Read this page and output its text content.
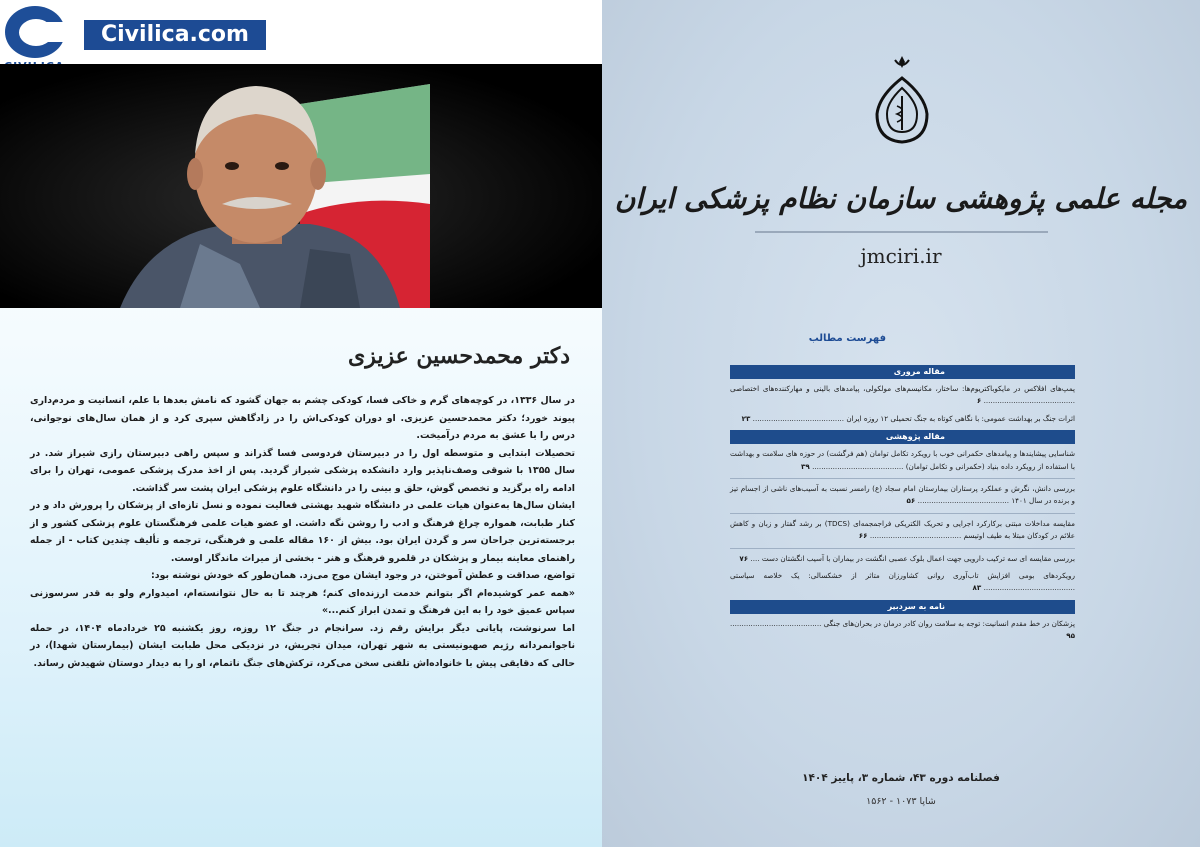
Civilica.com
دکتر محمدحسین عزیزی

در سال ۱۳۳۶، در کوچه‌های گرم و خاکی فسا، کودکی چشم به جهان گشود که نامش بعدها با علم، انسانیت و مردم‌داری پیوند خورد؛ دکتر محمدحسین عزیزی. او دوران کودکی‌اش را در زادگاهش سپری کرد و از همان سال‌های نوجوانی، درس را با عشق به مردم درآمیخت.

تحصیلات ابتدایی و متوسطه اول را در دبیرستان فردوسی فسا گذراند و سپس راهی دبیرستان رازی شیراز شد. در سال ۱۳۵۵ با شوقی وصف‌ناپذیر وارد دانشکده پزشکی شیراز گردید. پس از اخذ مدرک پزشکی عمومی، تهران را برای ادامه راه برگزید و تخصص گوش، حلق و بینی را در دانشگاه علوم پزشکی ایران پشت سر گذاشت.

ایشان سال‌ها به‌عنوان هیات علمی در دانشگاه شهید بهشتی فعالیت نموده و نسل تازه‌ای از پزشکان را پرورش داد و در کنار طبابت، همواره چراغ فرهنگ و ادب را روشن نگه داشت. او عضو هیات علمی فرهنگستان علوم پزشکی کشور و از برجسته‌ترین جراحان سر و گردن ایران بود. بیش از ۱۶۰ مقاله علمی و فرهنگی، ترجمه و تألیف چندین کتاب - از جمله راهنمای معاینه بیمار و پزشکان در قلمرو فرهنگ و هنر - بخشی از میراث ماندگار اوست.

تواضع، صداقت و عطش آموختن، در وجود ایشان موج می‌زد. همان‌طور که خودش نوشته بود:

«همه عمر کوشیده‌ام اگر بتوانم خدمت ارزنده‌ای کنم؛ هرچند تا به حال نتوانسته‌ام، امیدوارم ولو به قدر سرسوزنی سپاس عمیق خود را به این فرهنگ و تمدن ابراز کنم...»

اما سرنوشت، پایانی دیگر برایش رقم زد. سرانجام در جنگ ۱۲ روزه، روز یکشنبه ۲۵ خردادماه ۱۴۰۴، در حمله ناجوانمردانه رژیم صهیونیستی به شهر تهران، میدان تجریش، در نزدیکی محل طبابت ایشان (بیمارستان شهدا)، در حالی که دقایقی پیش با خانواده‌اش تلفنی سخن می‌کرد، ترکش‌های جنگ ناتمام، او را به دیدار دوستان شهیدش رساند.

مجله علمی پژوهشی سازمان نظام پزشکی ایران
jmciri.ir
فهرست مطالب
مقاله مروری
پمپ‌های افلاکس در مایکوباکتریوم‌ها: ساختار، مکانیسم‌های مولکولی، پیامدهای بالینی و مهارکننده‌های اختصاصی ........................................ ۶
اثرات جنگ بر بهداشت عمومی: با نگاهی کوتاه به جنگ تحمیلی ۱۲ روزه ایران ........................................ ۲۳
مقاله پژوهشی
شناسایی پیشایندها و پیامدهای حکمرانی خوب با رویکرد تکامل توامان (هم فرگشت) در حوزه های سلامت و بهداشت با استفاده از رویکرد داده بنیاد (حکمرانی و تکامل توامان) ........................................ ۳۹
بررسی دانش، نگرش و عملکرد پرستاران بیمارستان امام سجاد (ع) رامسر نسبت به آسیب‌های ناشی از اجسام تیز و برنده در سال ۱۴۰۱ ........................................ ۵۶
مقایسه مداخلات مبتنی برکارکرد اجرایی و تحریک الکتریکی فراجمجمه‌ای (TDCS) بر رشد گفتار و زبان و کاهش علائم در کودکان مبتلا به طیف اوتیسم ........................................ ۶۶
بررسی مقایسه ای سه ترکیب دارویی جهت اعمال بلوک عصبی انگشت در بیماران با آسیب انگشتان دست .... ۷۶
رویکردهای بومی افزایش تاب‌آوری روانی کشاورزان متاثر از خشکسالی: یک خلاصه سیاستی ........................................ ۸۳
نامه به سردبیر
پزشکان در خط مقدم انسانیت: توجه به سلامت روان کادر درمان در بحران‌های جنگی ........................................ ۹۵
فصلنامه دوره ۴۳، شماره ۳، پاییز ۱۴۰۴
شاپا ۱۰۷۳ - ۱۵۶۲
